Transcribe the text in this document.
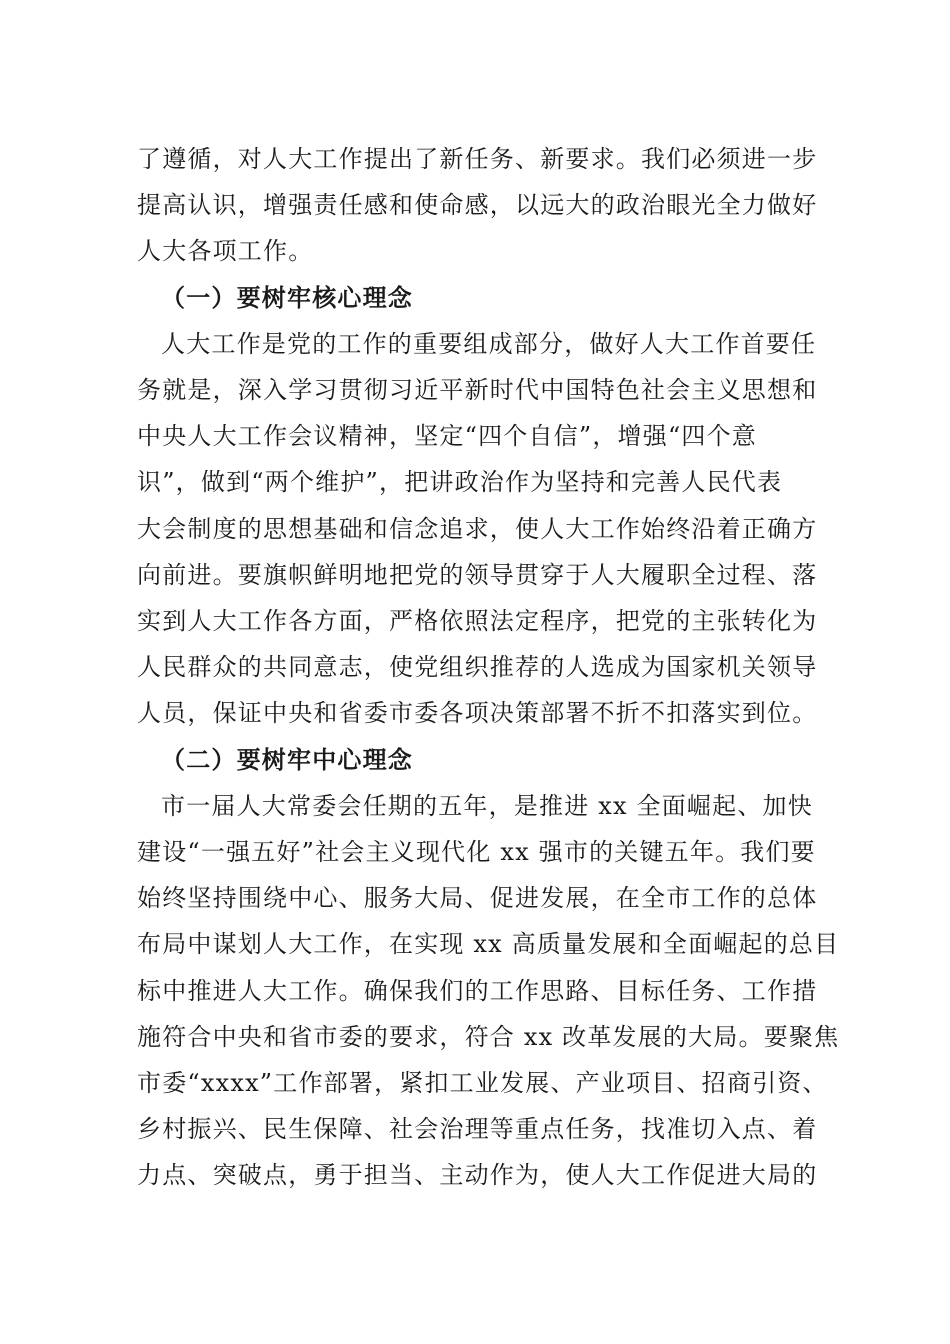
了遵循，对人大工作提出了新任务、新要求。我们必须进一步
提高认识，增强责任感和使命感，以远大的政治眼光全力做好
人大各项工作。

（一）要树牢核心理念

人大工作是党的工作的重要组成部分，做好人大工作首要任
务就是，深入学习贯彻习近平新时代中国特色社会主义思想和
中央人大工作会议精神，坚定“四个自信”，增强“四个意
识”，做到“两个维护”，把讲政治作为坚持和完善人民代表
大会制度的思想基础和信念追求，使人大工作始终沿着正确方
向前进。要旗帜鲜明地把党的领导贯穿于人大履职全过程、落
实到人大工作各方面，严格依照法定程序，把党的主张转化为
人民群众的共同意志，使党组织推荐的人选成为国家机关领导
人员，保证中央和省委市委各项决策部署不折不扣落实到位。

（二）要树牢中心理念

市一届人大常委会任期的五年，是推进 xx 全面崛起、加快
建设“一强五好”社会主义现代化 xx 强市的关键五年。我们要
始终坚持围绕中心、服务大局、促进发展，在全市工作的总体
布局中谋划人大工作，在实现 xx 高质量发展和全面崛起的总目
标中推进人大工作。确保我们的工作思路、目标任务、工作措
施符合中央和省市委的要求，符合 xx 改革发展的大局。要聚焦
市委“xxxx”工作部署，紧扣工业发展、产业项目、招商引资、
乡村振兴、民生保障、社会治理等重点任务，找准切入点、着
力点、突破点，勇于担当、主动作为，使人大工作促进大局的
